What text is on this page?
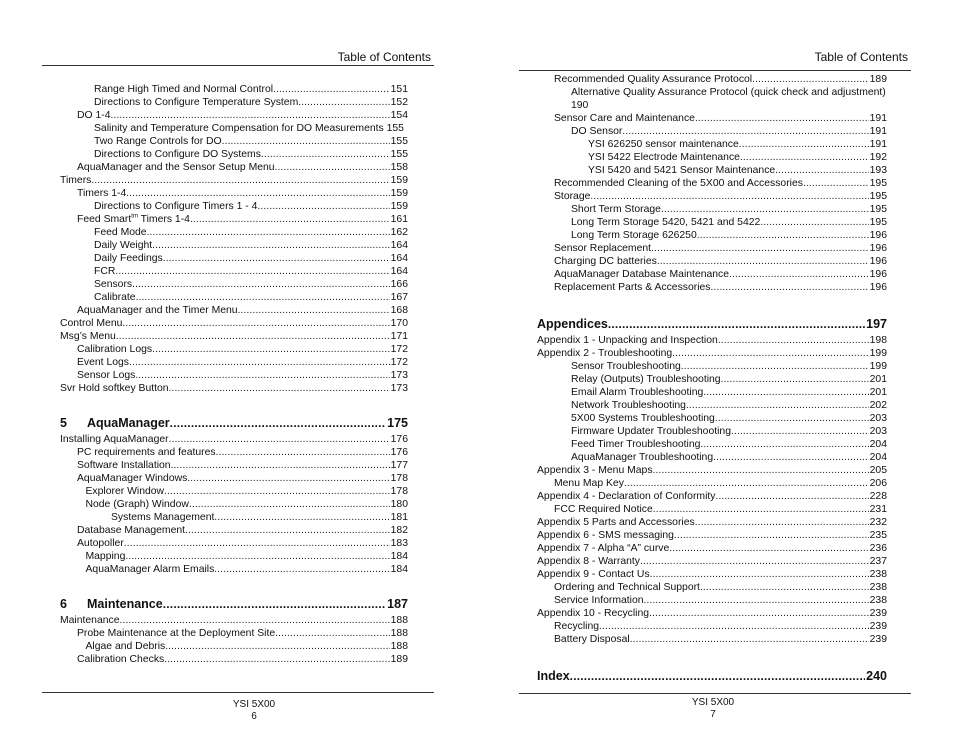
Table of Contents
Range High Timed and Normal Control .....	151
Directions to Configure Temperature System .....	152
DO 1-4 .....	154
Salinity and Temperature Compensation for DO Measurements 155
Two Range Controls for DO .....	155
Directions to Configure DO Systems .....	155
AquaManager and the Sensor Setup Menu .....	158
Timers .....	159
Timers 1-4 .....	159
Directions to Configure Timers 1 - 4 .....	159
Feed Smart$^{tm}$ Timers 1-4 .....	161
Feed Mode .....	162
Daily Weight .....	164
Daily Feedings .....	164
FCR .....	164
Sensors .....	166
Calibrate .....	167
AquaManager and the Timer Menu .....	168
Control Menu .....	170
Msg’s Menu .....	171
Calibration Logs .....	172
Event Logs .....	172
Sensor Logs .....	173
Svr Hold softkey Button .....	173
5 AquaManager .....	175
Installing AquaManager .....	176
PC requirements and features .....	176
Software Installation .....	177
AquaManager Windows .....	178
Explorer Window .....	178
Node (Graph) Window .....	180
Systems Management .....	181
Database Management .....	182
Autopoller .....	183
Mapping .....	184
AquaManager Alarm Emails .....	184
6 Maintenance .....	187
Maintenance .....	188
Probe Maintenance at the Deployment Site .....	188
Algae and Debris .....	188
Calibration Checks .....	189
YSI 5X00
6
Table of Contents
Recommended Quality Assurance Protocol .....	189
Alternative Quality Assurance Protocol (quick check and adjustment) 190
Sensor Care and Maintenance .....	191
DO Sensor .....	191
YSI 626250 sensor maintenance .....	191
YSI 5422 Electrode Maintenance .....	192
YSI 5420 and 5421 Sensor Maintenance .....	193
Recommended Cleaning of the 5X00 and Accessories .....	195
Storage .....	195
Short Term Storage .....	195
Long Term Storage 5420, 5421 and 5422 .....	195
Long Term Storage 626250 .....	196
Sensor Replacement .....	196
Charging DC batteries .....	196
AquaManager Database Maintenance .....	196
Replacement Parts & Accessories .....	196
Appendices .....	197
Appendix 1 - Unpacking and Inspection .....	198
Appendix 2 - Troubleshooting .....	199
Sensor Troubleshooting .....	199
Relay (Outputs) Troubleshooting .....	201
Email Alarm Troubleshooting .....	201
Network Troubleshooting .....	202
5X00 Systems Troubleshooting .....	203
Firmware Updater Troubleshooting .....	203
Feed Timer Troubleshooting .....	204
AquaManager Troubleshooting .....	204
Appendix 3 - Menu Maps .....	205
Menu Map Key .....	206
Appendix 4 - Declaration of Conformity .....	228
FCC Required Notice .....	231
Appendix 5 Parts and Accessories .....	232
Appendix 6 - SMS messaging .....	235
Appendix 7 - Alpha “A” curve .....	236
Appendix 8 - Warranty .....	237
Appendix 9 - Contact Us .....	238
Ordering and Technical Support .....	238
Service Information .....	238
Appendix 10 - Recycling .....	239
Recycling .....	239
Battery Disposal .....	239
Index .....	240
YSI 5X00
7
